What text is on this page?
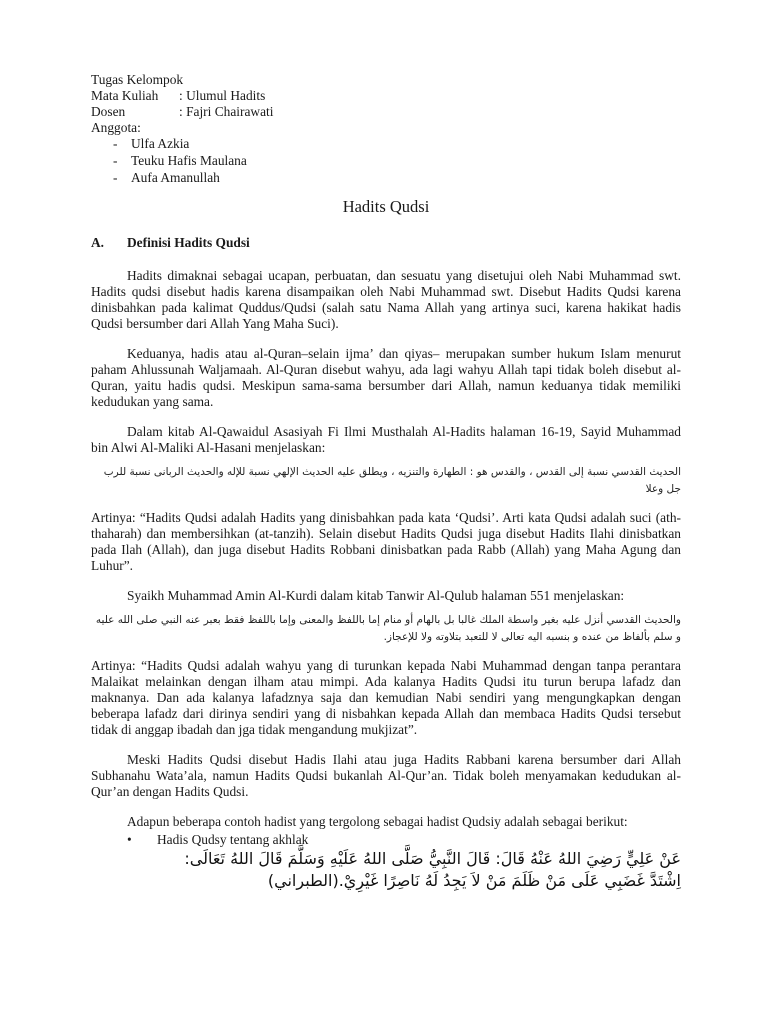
Tugas Kelompok
Mata Kuliah : Ulumul Hadits
Dosen	: Fajri Chairawati
Anggota:
- Ulfa Azkia
- Teuku Hafis Maulana
- Aufa Amanullah
Hadits Qudsi
A. Definisi Hadits Qudsi

Hadits dimaknai sebagai ucapan, perbuatan, dan sesuatu yang disetujui oleh Nabi Muhammad swt. Hadits qudsi disebut hadis karena disampaikan oleh Nabi Muhammad swt. Disebut Hadits Qudsi karena dinisbahkan pada kalimat Quddus/Qudsi (salah satu Nama Allah yang artinya suci, karena hakikat hadis Qudsi bersumber dari Allah Yang Maha Suci).

Keduanya, hadis atau al-Quran–selain ijma’ dan qiyas– merupakan sumber hukum Islam menurut paham Ahlussunah Waljamaah. Al-Quran disebut wahyu, ada lagi wahyu Allah tapi tidak boleh disebut al-Quran, yaitu hadis qudsi. Meskipun sama-sama bersumber dari Allah, namun keduanya tidak memiliki kedudukan yang sama.

Dalam kitab Al-Qawaidul Asasiyah Fi Ilmi Musthalah Al-Hadits halaman 16-19, Sayid Muhammad bin Alwi Al-Maliki Al-Hasani menjelaskan:

الحديث القدسي نسبة إلى القدس ، والقدس هو : الطهارة والتنزيه ، ويطلق عليه الحديث الإلهي نسبة للإله والحديث الربانى نسبة للرب جل وعلا

Artinya: “Hadits Qudsi adalah Hadits yang dinisbahkan pada kata ‘Qudsi’. Arti kata Qudsi adalah suci (ath-thaharah) dan membersihkan (at-tanzih). Selain disebut Hadits Qudsi juga disebut Hadits Ilahi dinisbatkan pada Ilah (Allah), dan juga disebut Hadits Robbani dinisbatkan pada Rabb (Allah) yang Maha Agung dan Luhur”.

Syaikh Muhammad Amin Al-Kurdi dalam kitab Tanwir Al-Qulub halaman 551 menjelaskan:

والحديث القدسي أنزل عليه بغير واسطة الملك غالبا بل بالهام أو منام إما باللفظ والمعنى وإما باللفظ فقط بعبر عنه النبي صلى الله عليه و سلم بألفاظ من عنده و بنسبه اليه تعالى لا للتعبد بتلاوته ولا للإعجاز.

Artinya: “Hadits Qudsi adalah wahyu yang di turunkan kepada Nabi Muhammad dengan tanpa perantara Malaikat melainkan dengan ilham atau mimpi. Ada kalanya Hadits Qudsi itu turun berupa lafadz dan maknanya. Dan ada kalanya lafadznya saja dan kemudian Nabi sendiri yang mengungkapkan dengan beberapa lafadz dari dirinya sendiri yang di nisbahkan kepada Allah dan membaca Hadits Qudsi tersebut tidak di anggap ibadah dan jga tidak mengandung mukjizat”.

Meski Hadits Qudsi disebut Hadis Ilahi atau juga Hadits Rabbani karena bersumber dari Allah Subhanahu Wata’ala, namun Hadits Qudsi bukanlah Al-Qur’an. Tidak boleh menyamakan kedudukan al-Qur’an dengan Hadits Qudsi.

Adapun beberapa contoh hadist yang tergolong sebagai hadist Qudsiy adalah sebagai berikut:

• Hadis Qudsy tentang akhlak

عَنْ عَلِيٍّ رَضِيَ اللهُ عَنْهُ قَالَ: قَالَ النَّبِيُّ صَلَّى اللهُ عَلَيْهِ وَسَلَّمَ قَالَ اللهُ تَعَالَى:

اِشْتَدَّ غَضَبِي عَلَى مَنْ ظَلَمَ مَنْ لاَ يَجِدُ لَهُ نَاصِرًا غَيْرِيْ.(الطبراني)
